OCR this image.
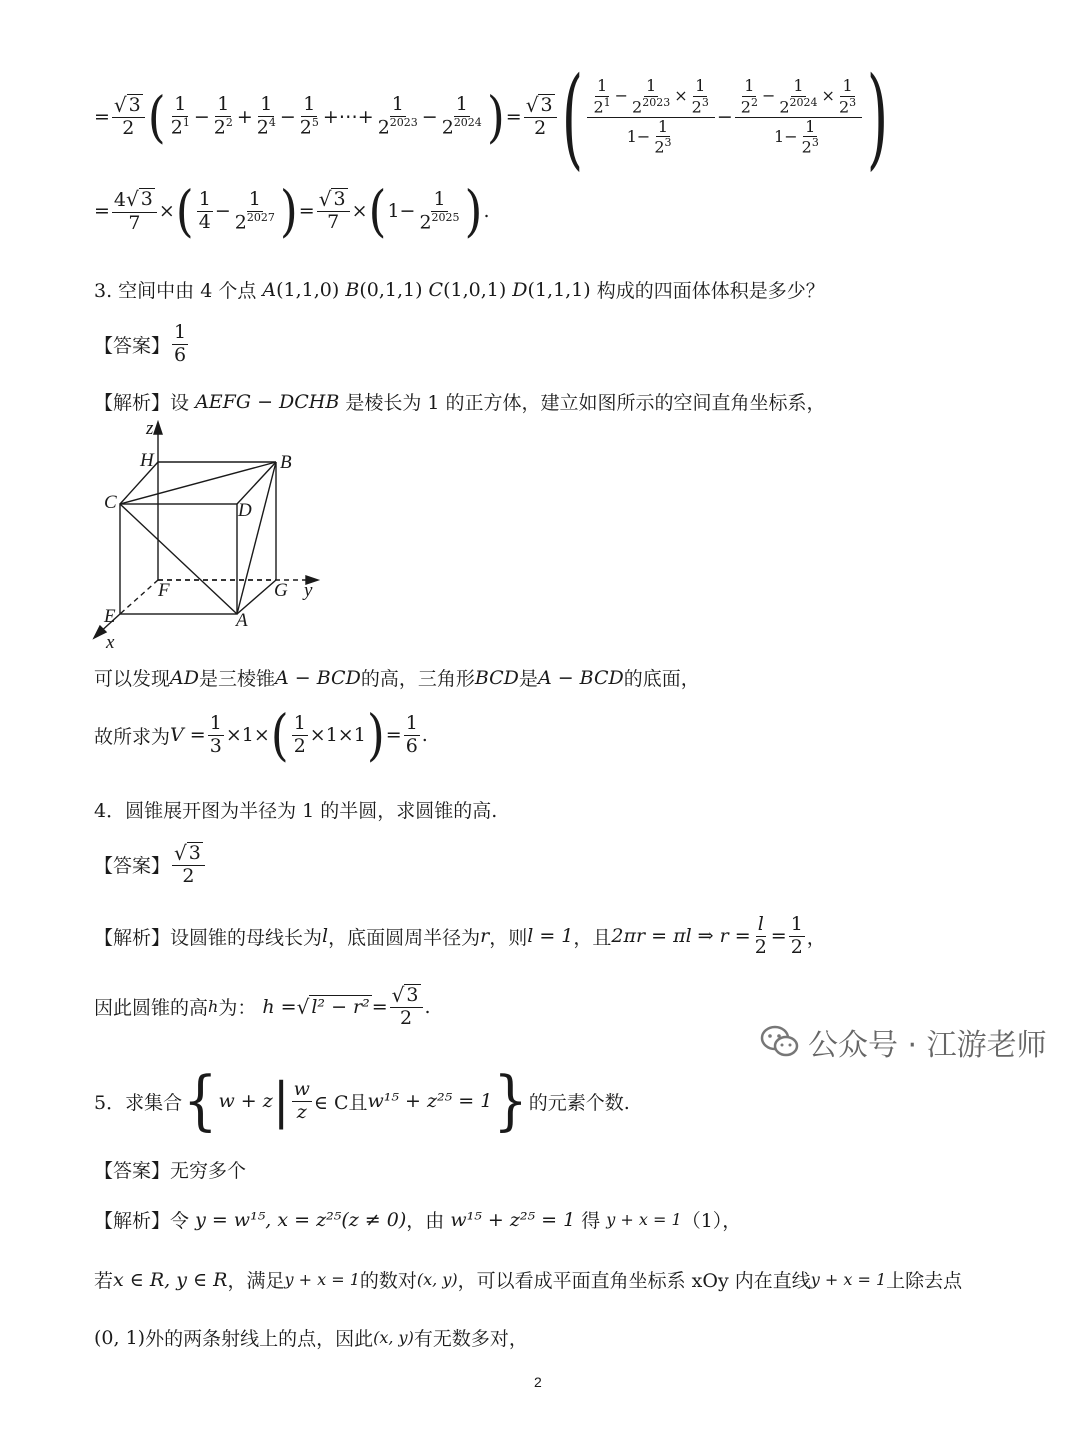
= $\frac{√ 3}{2}$ ( $\frac{1}{2^1} - \frac{1}{2^2} + \frac{1}{2^4} - \frac{1}{2^5}$ +⋯+ $\frac{1}{2^{2023}} - \frac{1}{2^{2024}}$ ) = $\frac{√ 3}{2}$ ( $\frac{\frac{1}{2^1} - \frac{1}{2^{2023}} \times \frac{1}{2^3}}{1- \frac{1}{2^3}} - \frac{\frac{1}{2^2} - \frac{1}{2^{2024}} \times \frac{1}{2^3}}{1- \frac{1}{2^3}}$ )
= $\frac{4 √ 3}{7}$ × ( $\frac{1}{4} - \frac{1}{2^{2027}}$ ) = $\frac{√ 3}{7}$ × ( $1- \frac{1}{2^{2025}}$ ) .
3. 空间中由 4 个点
A (1,1,0)
B (0,1,1)
C (1,0,1)
D (1,1,1)
构成的四面体体积是多少？
【答案】 $\frac{1}{6}$
【解析】 设
AEFG − DCHB
是棱长为 1 的正方体，建立如图所示的空间直角坐标系，
z
H	B
C	D
F	G y
E	A
x
可以发现 AD 是三棱锥 A − BCD 的高，三角形 BCD 是 A − BCD 的底面，
故所求为 V
= $\frac{1}{3} \times 1\times$ ( $\frac{1}{2} \times 1\times 1$ ) = $\frac{1}{6}$ .
4．圆锥展开图为半径为 1 的半圆，求圆锥的高.
【答案】 $\frac{√ 3}{2}$
【解析】 设圆锥的母线长为 l ，底面圆周半径为 r ，则 l = 1 ，且 2πr = πl ⇒ $r = \frac{l}{2} = \frac{1}{2}$ ，
因此圆锥的高 h 为：
h = √ $l^2 - r^2 = \frac{√ 3}{2}$ .
5．求集合 { w + z | $\frac{w}{z}$ ∈ C且 w¹⁵ + z²⁵ = 1 } 的元素个数.
【答案】 无穷多个
【解析】 令
y = w¹⁵, x = z²⁵(z ≠ 0) ，由
w¹⁵ + z²⁵ = 1
得
y + x = 1 （1），
若 x ∈ R, y ∈ R ，满足 y + x = 1 的数对 (x, y) ，可以看成平面直角坐标系 xOy 内在直线 y + x = 1 上除去点
(0, 1) 外的两条射线上的点，因此 (x, y) 有无数多对，
公众号 · 江游老师
2
